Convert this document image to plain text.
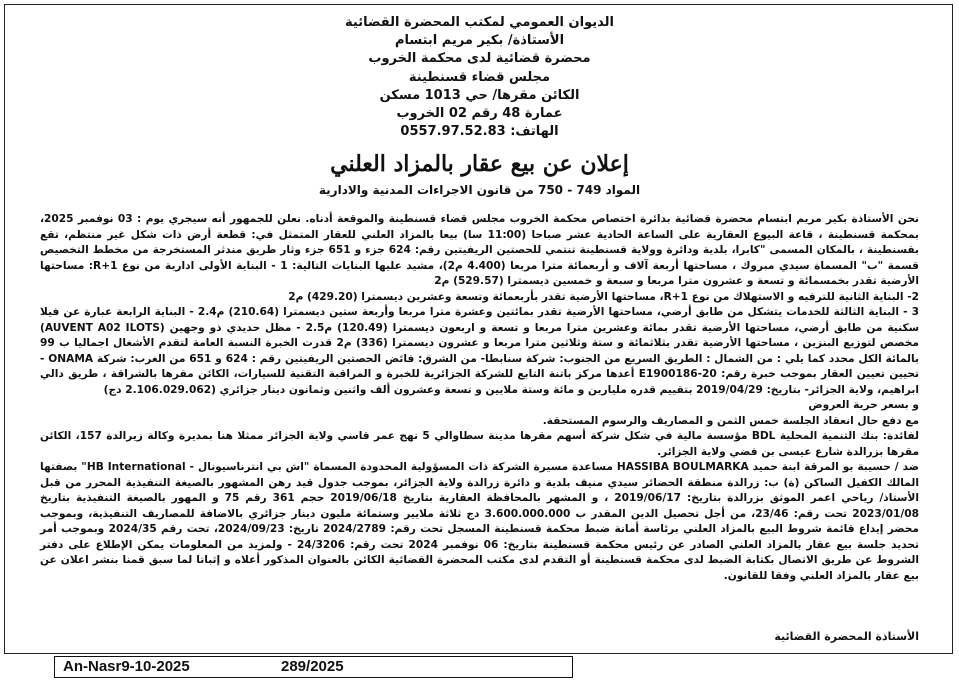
الديوان العمومي لمكتب المحضرة القضائية
الأستاذة/ بكير مريم ابتسام
محضرة قضائية لدى محكمة الخروب
مجلس قضاء قسنطينة
الكائن مقرها/ حي 1013 مسكن
عمارة 48 رقم 02 الخروب
الهاتف: 0557.97.52.83
إعلان عن بيع عقار بالمزاد العلني
المواد 749 - 750 من قانون الاجراءات المدنية والادارية

نحن الأستاذة بكير مريم ابتسام محضرة قضائية بدائرة اختصاص محكمة الخروب مجلس قضاء قسنطينة والموقعة أدناه. نعلن للجمهور أنه سيجري يوم : 03 نوفمبر 2025، بمحكمة قسنطينة ، قاعة البيوع العقارية على الساعة الحادية عشر صباحا (11:00 سا) بيعا بالمزاد العلني للعقار المتمثل في: قطعة أرض ذات شكل غير منتظم، تقع بقسنطينة ، بالمكان المسمى "كابرا، بلدية ودائرة وولاية قسنطينة تنتمي للحصتين الريفيتين رقم: 624 جزء و 651 جزء وثار طريق مندثر المستخرجة من مخطط التخصيص قسمة "ب" المسماة سيدي مبروك ، مساحتها أربعة آلاف و أربعمائة مترا مربعا (4.400 م2)، مشيد عليها البنايات التالية: 1 - البناية الأولى ادارية من نوع R+1: مساحتها الأرضية تقدر بخمسمائة و تسعة و عشرون مترا مربعا و سبعة و خمسين ديسمترا (529.57) م2

2- البناية الثانية للترفيه و الاستهلاك من نوع R+1، مساحتها الأرضية تقدر بأربعمائة وتسعة وعشرين ديسمترا (429.20) م2

3 - البناية الثالثة للخدمات يتشكل من طابق أرضي، مساحتها الأرضية تقدر بمائتين وعشرة مترا مربعا وأربعة ستين ديسمترا (210.64) م2.4 - البناية الرابعة عبارة عن فيلا سكنية من طابق أرضي، مساحتها الأرضية تقدر بمائة وعشرين مترا مربعا و تسعة و اربعون ديسمترا (120.49) م2.5 - مظل حديدي ذو وجهين (AUVENT A02 ILOTS) مخصص لتوزيع البنزين ، مساحتها الأرضية تقدر بثلاثمائة و ستة وثلاثين مترا مربعا و عشرون ديسمترا (336) م2 قدرت الخبرة النسبة العامة لتقدم الأشغال اجماليا ب 99 بالمائة الكل محدد كما يلي : من الشمال : الطريق السريع من الجنوب: شركة سنابطا- من الشرق: فائض الحصتين الريفيتين رقم : 624 و 651 من الغرب: شركة ONAMA - تحيين تعيين العقار بموجب خبرة رقم: 20-E1900186 أعدها مركز باتنة التابع للشركة الجزائرية للخبرة و المراقبة التقنية للسيارات، الكائن مقرها بالشراقة ، طريق دالي ابراهيم، ولاية الجزائر- بتاريخ: 2019/04/29 بتقييم قدره مليارين و مائة وستة ملايين و تسعة وعشرون ألف واثنين وثمانون دينار جزائري (2.106.029.062 دج)

و بسعر حرية العروض

مع دفع حال انعقاد الجلسة خمس الثمن و المصاريف والرسوم المستحقة.

لفائدة: بنك التنمية المحلية BDL مؤسسة مالية في شكل شركة أسهم مقرها مدينة سطاوالي 5 نهج عمر قاسي ولاية الجزائر ممثلا هنا بمديرة وكالة زيرالدة 157، الكائن مقرها بزرالدة شارع عيسى بن فضي ولاية الجزائر.

ضد / حسيبة بو المرقة ابنة حميد HASSIBA BOULMARKA مساعدة مسيرة الشركة ذات المسؤولية المحدودة المسماة "اش بي انترناسيونال - HB International" بصفتها المالك الكفيل الساكن (ة) ب: زرالدة منطقة الحضائر سيدي منيف بلدية و دائرة زرالدة ولاية الجزائر، بموجب جدول قيد رهن المشهور بالصيغة التنفيذية المحرر من قبل الأستاذ/ رياحي اعمر الموثق بزرالدة بتاريخ: 2019/06/17 ، و المشهر بالمحافظة العقارية بتاريخ 2019/06/18 حجم 361 رقم 75 و المهور بالصيغة التنفيذية بتاريخ 2023/01/08 تحت رقم: 23/46، من أجل تحصيل الدين المقدر ب 3.600.000.000 دج ثلاثة ملايير وستمائة مليون دينار جزائري بالاضافة للمصاريف التنفيذية، وبموجب محضر إيداع قائمة شروط البيع بالمزاد العلني برئاسة أمانة ضبط محكمة قسنطينة المسجل تحت رقم: 2024/2789 تاريخ: 2024/09/23، تحت رقم 2024/35 وبموجب أمر تحديد جلسة بيع عقار بالمزاد العلني الصادر عن رئيس محكمة قسنطينة بتاريخ: 06 نوفمبر 2024 تحت رقم: 24/3206 - ولمزيد من المعلومات يمكن الإطلاع على دفتر الشروط عن طريق الاتصال بكتابة الضبط لدى محكمة قسنطينة أو التقدم لدى مكتب المحضرة القضائية الكائن بالعنوان المذكور أعلاه و إثباتا لما سبق قمنا بنشر اعلان عن بيع عقار بالمزاد العلني وفقا للقانون.

الأستاذة المحضرة القضائية
An-Nasr9-10-2025	289/2025
